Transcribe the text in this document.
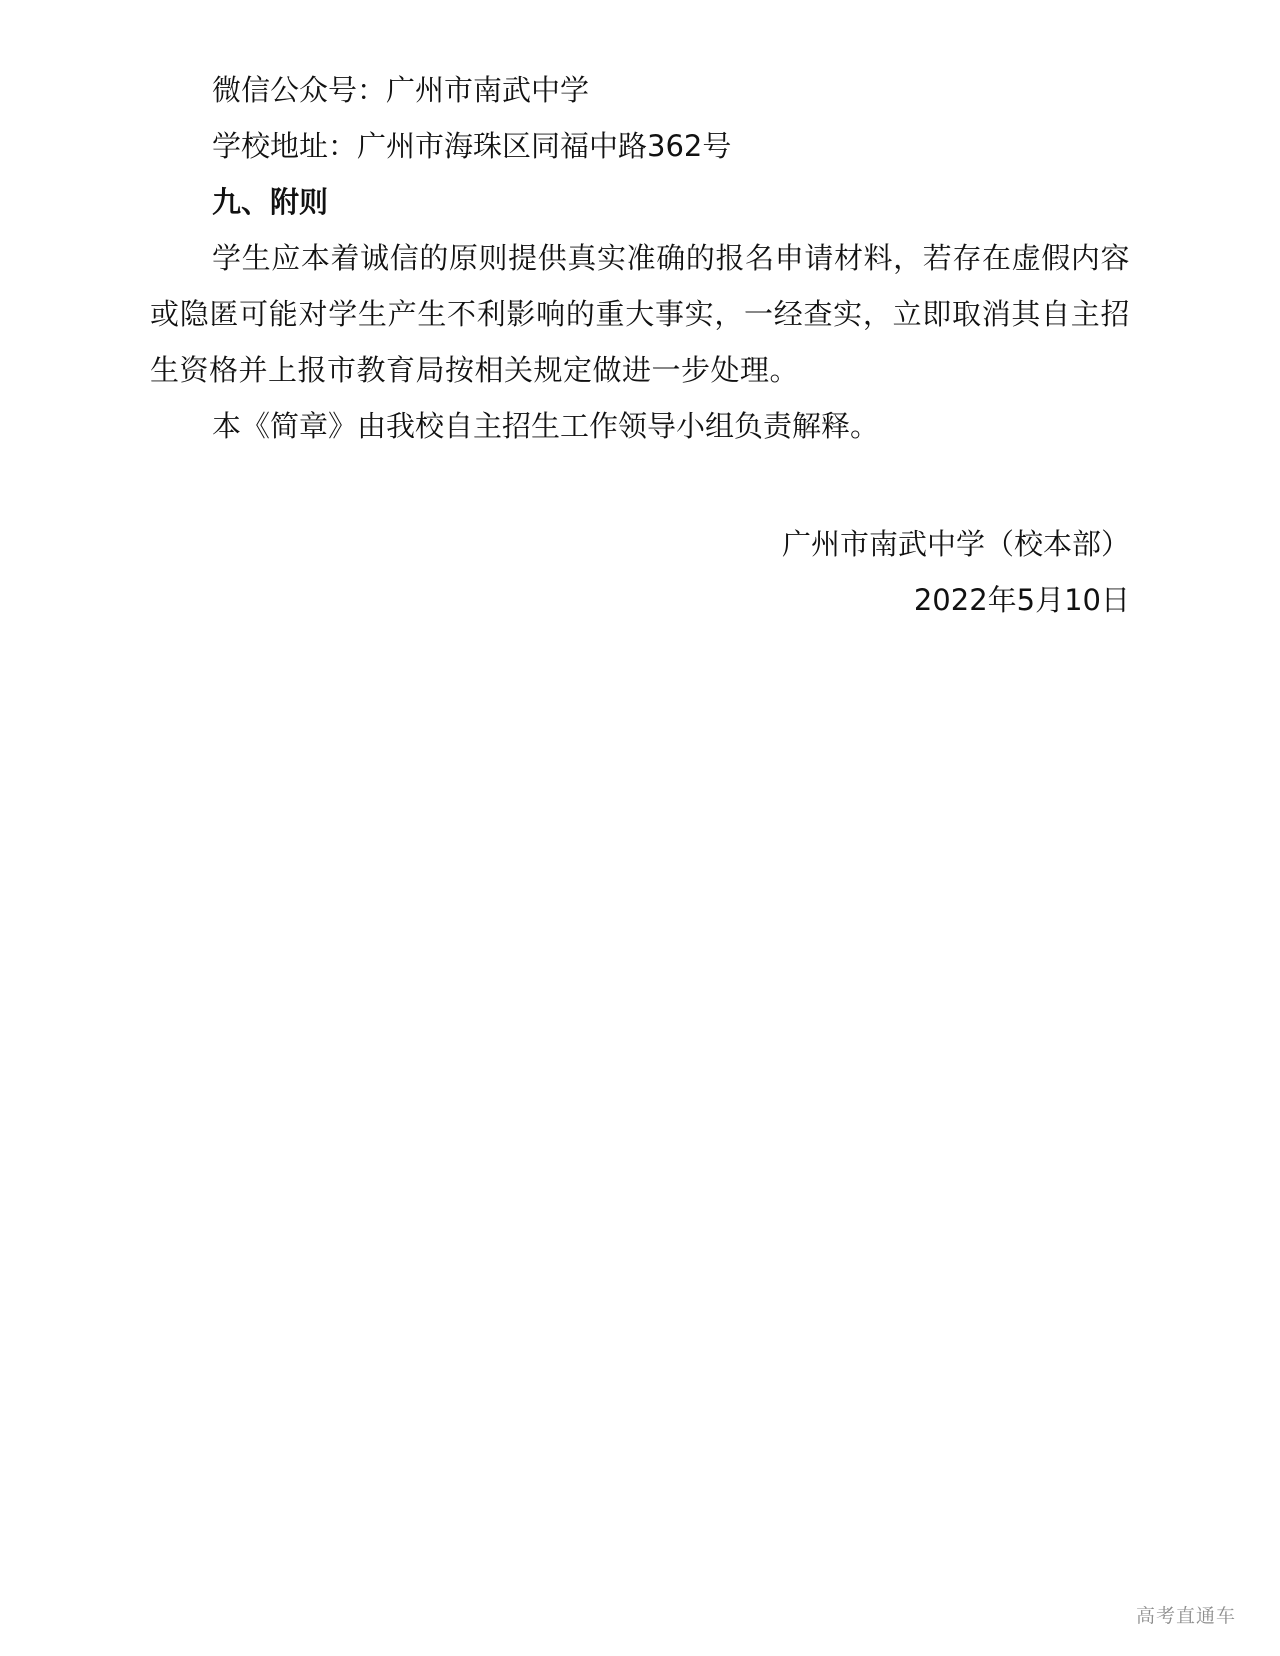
微信公众号：广州市南武中学
学校地址：广州市海珠区同福中路362号
九、附则
学生应本着诚信的原则提供真实准确的报名申请材料，若存在虚假内容或隐匿可能对学生产生不利影响的重大事实，一经查实，立即取消其自主招生资格并上报市教育局按相关规定做进一步处理。
本《简章》由我校自主招生工作领导小组负责解释。
广州市南武中学（校本部）
2022年5月10日
高考直通车
